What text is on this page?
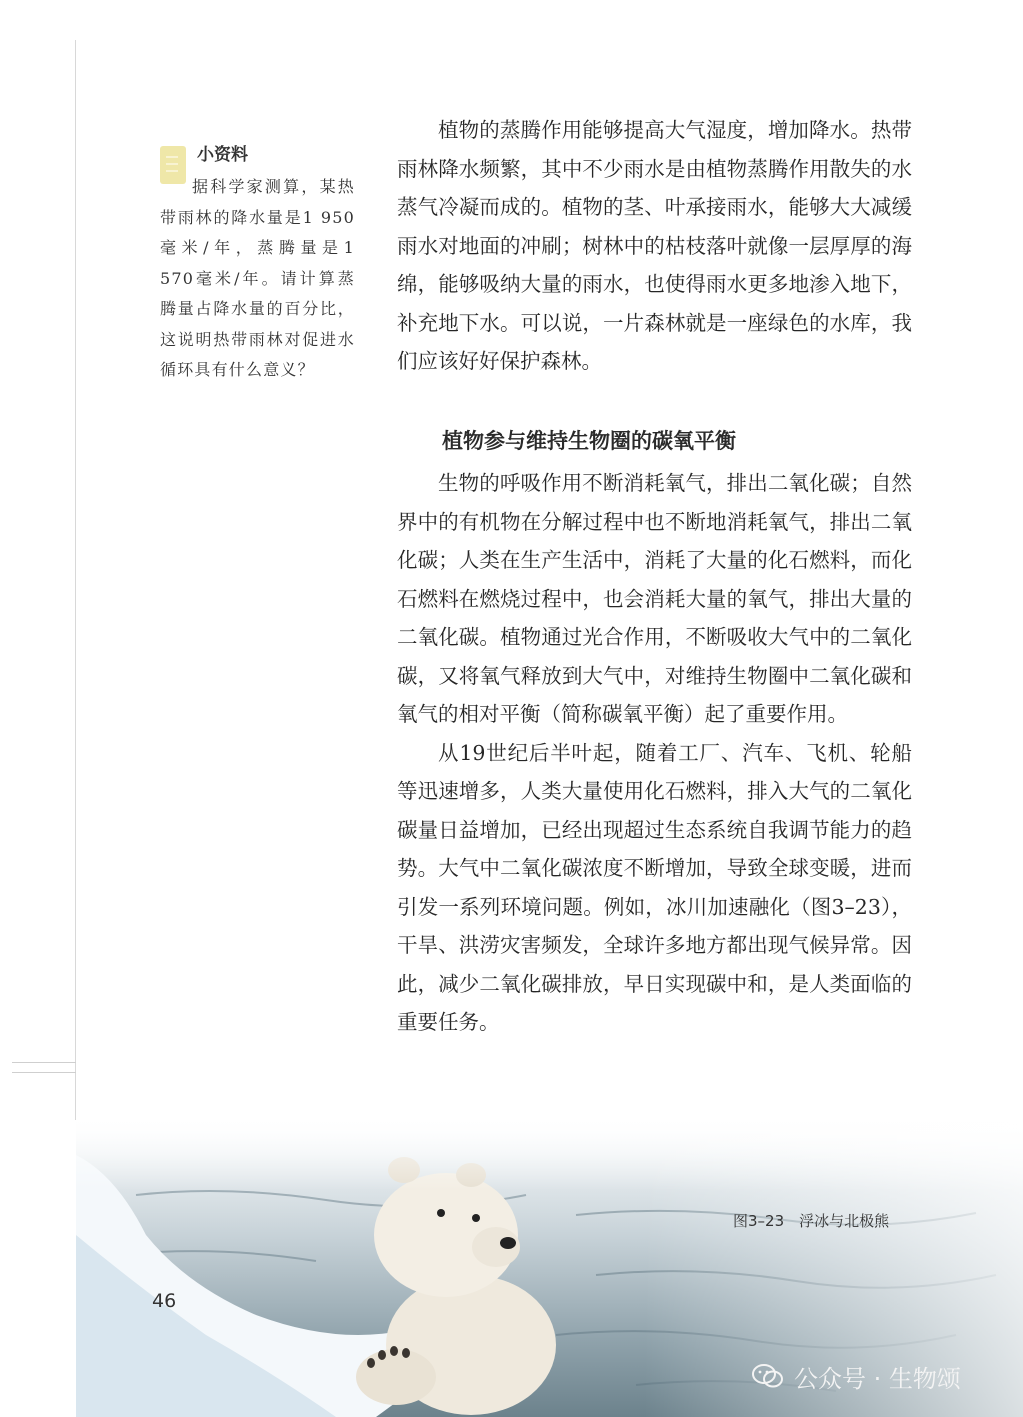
小资料
据科学家测算，某热带雨林的降水量是1 950毫米/年，蒸腾量是1 570毫米/年。请计算蒸腾量占降水量的百分比，这说明热带雨林对促进水循环具有什么意义？

植物的蒸腾作用能够提高大气湿度，增加降水。热带雨林降水频繁，其中不少雨水是由植物蒸腾作用散失的水蒸气冷凝而成的。植物的茎、叶承接雨水，能够大大减缓雨水对地面的冲刷；树林中的枯枝落叶就像一层厚厚的海绵，能够吸纳大量的雨水，也使得雨水更多地渗入地下，补充地下水。可以说，一片森林就是一座绿色的水库，我们应该好好保护森林。

植物参与维持生物圈的碳氧平衡

生物的呼吸作用不断消耗氧气，排出二氧化碳；自然界中的有机物在分解过程中也不断地消耗氧气，排出二氧化碳；人类在生产生活中，消耗了大量的化石燃料，而化石燃料在燃烧过程中，也会消耗大量的氧气，排出大量的二氧化碳。植物通过光合作用，不断吸收大气中的二氧化碳，又将氧气释放到大气中，对维持生物圈中二氧化碳和氧气的相对平衡（简称碳氧平衡）起了重要作用。

从19世纪后半叶起，随着工厂、汽车、飞机、轮船等迅速增多，人类大量使用化石燃料，排入大气的二氧化碳量日益增加，已经出现超过生态系统自我调节能力的趋势。大气中二氧化碳浓度不断增加，导致全球变暖，进而引发一系列环境问题。例如，冰川加速融化（图3–23），干旱、洪涝灾害频发，全球许多地方都出现气候异常。因此，减少二氧化碳排放，早日实现碳中和，是人类面临的重要任务。

图3–23　浮冰与北极熊
46
公众号 · 生物颂
